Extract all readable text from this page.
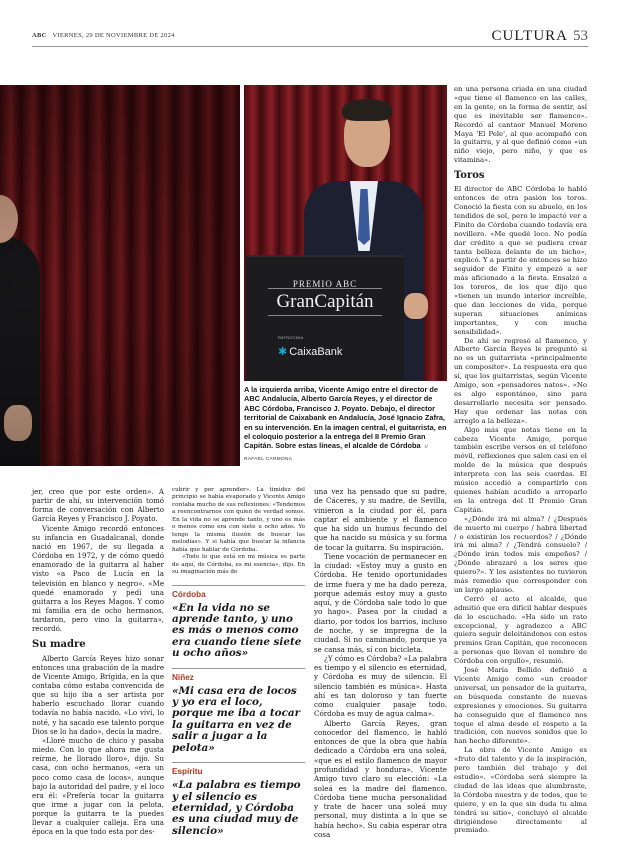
ABC VIERNES, 29 DE NOVIEMBRE DE 2024	CULTURA 53
PREMIO ABC
GranCapitán
PATROCINA
✱ CaixaBank
A la izquierda arriba, Vicente Amigo entre el director de ABC Andalucía, Alberto García Reyes, y el director de ABC Córdoba, Francisco J. Poyato. Debajo, el director territorial de Caixabank en Andalucía, José Ignacio Zafra, en su intervención. En la imagen central, el guitarrista, en el coloquio posterior a la entrega del II Premio Gran Capitán. Sobre estas líneas, el alcalde de Córdoba // RAFAEL CARMONA

jer, creo que por este orden». A partir de ahí, su intervención tomó forma de conversación con Alberto García Reyes y Francisco J. Poyato.

Vicente Amigo recordó entonces su infancia en Guadalcanal, donde nació en 1967, de su llegada a Córdoba en 1972, y de cómo quedó enamorado de la guitarra al haber visto «a Paco de Lucía en la televisión en blanco y negro». «Me quedé enamorado y pedí una guitarra a los Reyes Magos. Y como mi familia era de ocho hermanos, tardaron, pero vino la guitarra», recordó.

Su madre

Alberto García Reyes hizo sonar entonces una grabación de la madre de Vicente Amigo, Brígida, en la que contaba cómo estaba convencida de que su hijo iba a ser artista por haberlo escuchado llorar cuando todavía no había nacido. «Lo viví, lo noté, y ha sacado ese talento porque Dios se lo ha dado», decía la madre.

«Lloré mucho de chico y pasaba miedo. Con lo que ahora me gusta reírme, he llorado lloro», dijo. Su casa, con ocho hermanos, «era un poco como casa de locos», aunque bajo la autoridad del padre, y el loco era él: «Prefería tocar la guitarra que irme a jugar con la pelota, porque la guitarra te la puedes llevar a cualquier calleja. Era una época en la que todo esta por des-

cubrir y por aprender». La timidez del principio se había evaporado y Vicente Amigo contaba mucho de sus reflexiones: «Tendemos a reencontrarnos con quien de verdad somos. En la vida no se aprende tanto, y uno es más o menos como era con siete u ocho años. Yo tengo la misma ilusión de buscar las melodías». Y si había que buscar la infancia había que hablar de Córdoba.

«Todo lo que está en mi música es parte de aquí, de Córdoba, es mi esencia», dijo. En su imaginación más de

Córdoba
«En la vida no se aprende tanto, y uno es más o menos como era cuando tiene siete u ocho años»
Niñez
«Mi casa era de locos y yo era el loco, porque me iba a tocar la guitarra en vez de salir a jugar a la pelota»
Espíritu
«La palabra es tiempo y el silencio es eternidad, y Córdoba es una ciudad muy de silencio»

una vez ha pensado que su padre, de Cáceres, y su madre, de Sevilla, vinieron a la ciudad por él, para captar el ambiente y el flamenco que ha sido un humus fecundo del que ha nacido su música y su forma de tocar la guitarra. Su inspiración.

Tiene vocación de permanecer en la ciudad: «Estoy muy a gusto en Córdoba. He tenido oportunidades de irme fuera y me ha dado pereza, porque además estoy muy a gusto aquí, y de Córdoba sale todo lo que yo hago». Pasea por la ciudad a diario, por todos los barrios, incluso de noche, y se impregna de la ciudad. Si no caminando, porque ya se cansa más, sí con bicicleta.

¿Y cómo es Córdoba? «La palabra es tiempo y el silencio es eternidad, y Córdoba es muy de silencio. El silencio también es música». Hasta ahí es tan doloroso y tan fuerte como cualquier pasaje todo. Córdoba es muy de agua calma».

Alberto García Reyes, gran conocedor del flamenco, le habló entonces de que la obra que había dedicado a Córdoba era una soleá, «que es el estilo flamenco de mayor profundidad y hondura». Vicente Amigo tuvo claro su elección: «La soleá es la madre del flamenco. Córdoba tiene mucha personalidad y trate de hacer una soleá muy personal, muy distinta a lo que se había hecho». Su cabia esperar otra cosa

en una persona criada en una ciudad «que tiene el flamenco en las calles, en la gente, en la forma de sentir, así que es inevitable ser flamenco». Recordó al cantaor Manuel Moreno Maya 'El Pele', al que acompañó con la guitarra, y al que definió como «un niño viejo, pero niño, y que es vitamina».

Toros

El director de ABC Córdoba le habló entonces de otra pasión los toros. Conoció la fiesta con su abuelo, en los tendidos de sol, pero le impactó ver a Finito de Córdoba cuando todavía era novillero. «Me quedé loco. No podía dar crédito a que se pudiera crear tanta belleza delante de un bicho», explicó. Y a partir de entonces se hizo seguidor de Finito y empezó a ser más aficionado a la fiesta. Ensalzó a los toreros, de los que dijo que «tienen un mundo interior increíble, que dan lecciones de vida, porque superan situaciones anímicas importantes, y con mucha sensibilidad».

De ahí se regresó al flamenco, y Alberto García Reyes le preguntó si no es un guitarrista «principalmente un compositor». La respuesta era que sí, que los guitarristas, según Vicente Amigo, son «pensadores natos». «No es algo espontáneo, sino para desarrollarlo necesita ser pensado. Hay que ordenar las notas con arreglo a la belleza».

Algo más que notas tiene en la cabeza Vicente Amigo, porque también escribe versos en el teléfono móvil, reflexiones que salen casi en el molde de la música que después interpreta con las seis cuerdas. El músico accedió a compartirlo con quienes habían acudido a arroparlo en la entrega del II Premio Gran Capitán.

«¿Dónde irá mi alma? / ¿Después de muerto mi cuerpo / habrá libertad / o existirán los recuerdos? / ¿Dónde irá mi alma? / ¿Tendrá consuelo? / ¿Dónde irán todos mis empeños? / ¿Dónde abrazaré a los seres que quiero?». Y los asistentes no tuvieron más remedio que corresponder con un largo aplauso.

Cerró el acto el alcalde, que admitió que era difícil hablar después de lo escuchado. «Ha sido un rato excepcional, y agradezco a ABC quiera seguir deleitándonos con estos premios Gran Capitán, que reconocen a personas que llevan el nombre de Córdoba con orgullo», resumió.

José María Bellido definió a Vicente Amigo como «un creador universal, un pensador de la guitarra, en búsqueda constante de nuevas expresiones y emociones. Su guitarra ha conseguido que el flamenco nos toque el alma desde el respeto a la tradición, con nuevos sonidos que lo han hecho diferente».

La obra de Vicente Amigo es «fruto del talento y de la inspiración, pero también del trabajo y del estudio». «Córdoba será siempre la ciudad de las ideas que alumbraste, la Córdoba nuestra y de todos, que te quiere, y en la que sin duda tu alma tendrá su sitio», concluyó el alcalde dirigiéndose directamente al premiado.
